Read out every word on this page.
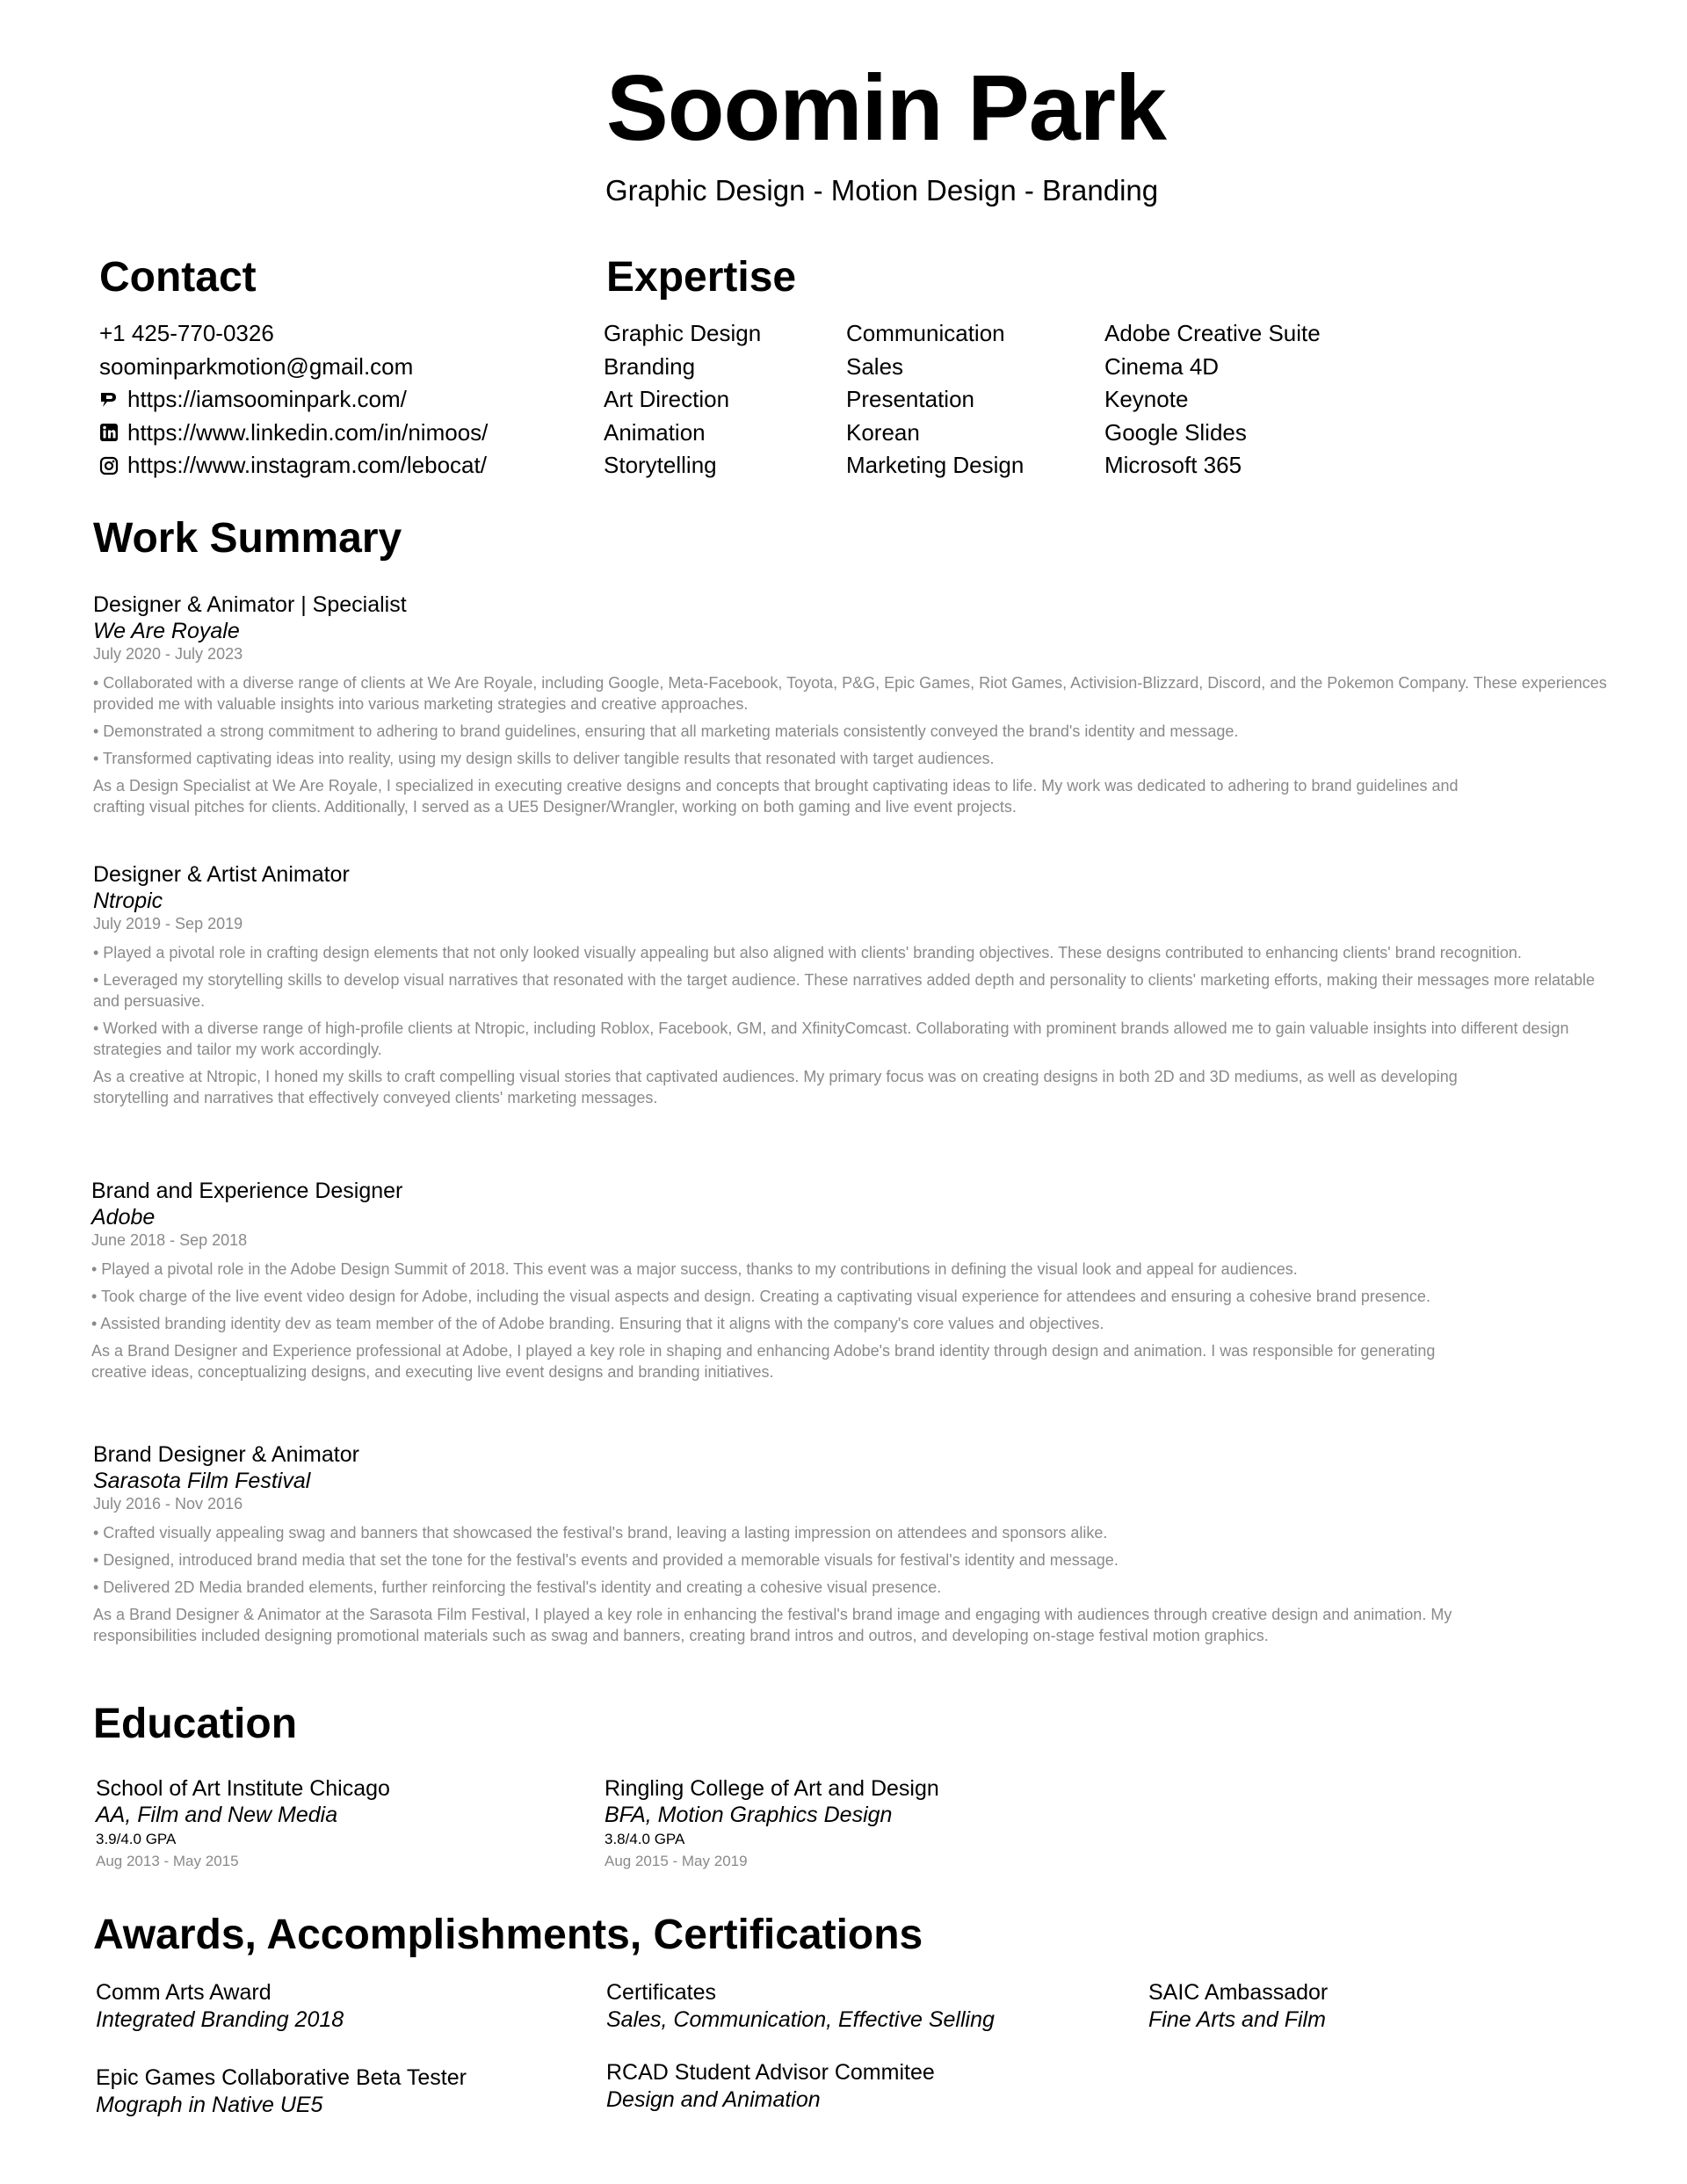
Soomin Park
Graphic Design - Motion Design - Branding
Contact
+1 425-770-0326
soominparkmotion@gmail.com
https://iamsoominpark.com/
https://www.linkedin.com/in/nimoos/
https://www.instagram.com/lebocat/
Expertise
Graphic Design
Branding
Art Direction
Animation
Storytelling
Communication
Sales
Presentation
Korean
Marketing Design
Adobe Creative Suite
Cinema 4D
Keynote
Google Slides
Microsoft 365
Work Summary
Designer & Animator | Specialist
We Are Royale
July 2020 - July 2023

• Collaborated with a diverse range of clients at We Are Royale, including Google, Meta-Facebook, Toyota, P&G, Epic Games, Riot Games, Activision-Blizzard, Discord, and the Pokemon Company. These experiences provided me with valuable insights into various marketing strategies and creative approaches.

• Demonstrated a strong commitment to adhering to brand guidelines, ensuring that all marketing materials consistently conveyed the brand's identity and message.

• Transformed captivating ideas into reality, using my design skills to deliver tangible results that resonated with target audiences.

As a Design Specialist at We Are Royale, I specialized in executing creative designs and concepts that brought captivating ideas to life. My work was dedicated to adhering to brand guidelines and crafting visual pitches for clients. Additionally, I served as a UE5 Designer/Wrangler, working on both gaming and live event projects.

Designer & Artist Animator
Ntropic
July 2019 - Sep 2019

• Played a pivotal role in crafting design elements that not only looked visually appealing but also aligned with clients' branding objectives. These designs contributed to enhancing clients' brand recognition.

• Leveraged my storytelling skills to develop visual narratives that resonated with the target audience. These narratives added depth and personality to clients' marketing efforts, making their messages more relatable and persuasive.

• Worked with a diverse range of high-profile clients at Ntropic, including Roblox, Facebook, GM, and XfinityComcast. Collaborating with prominent brands allowed me to gain valuable insights into different design strategies and tailor my work accordingly.

As a creative at Ntropic, I honed my skills to craft compelling visual stories that captivated audiences. My primary focus was on creating designs in both 2D and 3D mediums, as well as developing storytelling and narratives that effectively conveyed clients' marketing messages.

Brand and Experience Designer
Adobe
June 2018 - Sep 2018

• Played a pivotal role in the Adobe Design Summit of 2018. This event was a major success, thanks to my contributions in defining the visual look and appeal for audiences.

• Took charge of the live event video design for Adobe, including the visual aspects and design. Creating a captivating visual experience for attendees and ensuring a cohesive brand presence.

• Assisted branding identity dev as team member of the of Adobe branding. Ensuring that it aligns with the company's core values and objectives.

As a Brand Designer and Experience professional at Adobe, I played a key role in shaping and enhancing Adobe's brand identity through design and animation. I was responsible for generating creative ideas, conceptualizing designs, and executing live event designs and branding initiatives.

Brand Designer & Animator
Sarasota Film Festival
July 2016 - Nov 2016

• Crafted visually appealing swag and banners that showcased the festival's brand, leaving a lasting impression on attendees and sponsors alike.

• Designed, introduced brand media that set the tone for the festival's events and provided a memorable visuals for festival's identity and message.

• Delivered 2D Media branded elements, further reinforcing the festival's identity and creating a cohesive visual presence.

As a Brand Designer & Animator at the Sarasota Film Festival, I played a key role in enhancing the festival's brand image and engaging with audiences through creative design and animation. My responsibilities included designing promotional materials such as swag and banners, creating brand intros and outros, and developing on-stage festival motion graphics.

Education
School of Art Institute Chicago
AA, Film and New Media
3.9/4.0 GPA
Aug 2013 - May 2015
Ringling College of Art and Design
BFA, Motion Graphics Design
3.8/4.0 GPA
Aug 2015 - May 2019
Awards, Accomplishments, Certifications
Comm Arts Award
Integrated Branding 2018
Certificates
Sales, Communication, Effective Selling
SAIC Ambassador
Fine Arts and Film
Epic Games Collaborative Beta Tester
Mograph in Native UE5
RCAD Student Advisor Commitee
Design and Animation
